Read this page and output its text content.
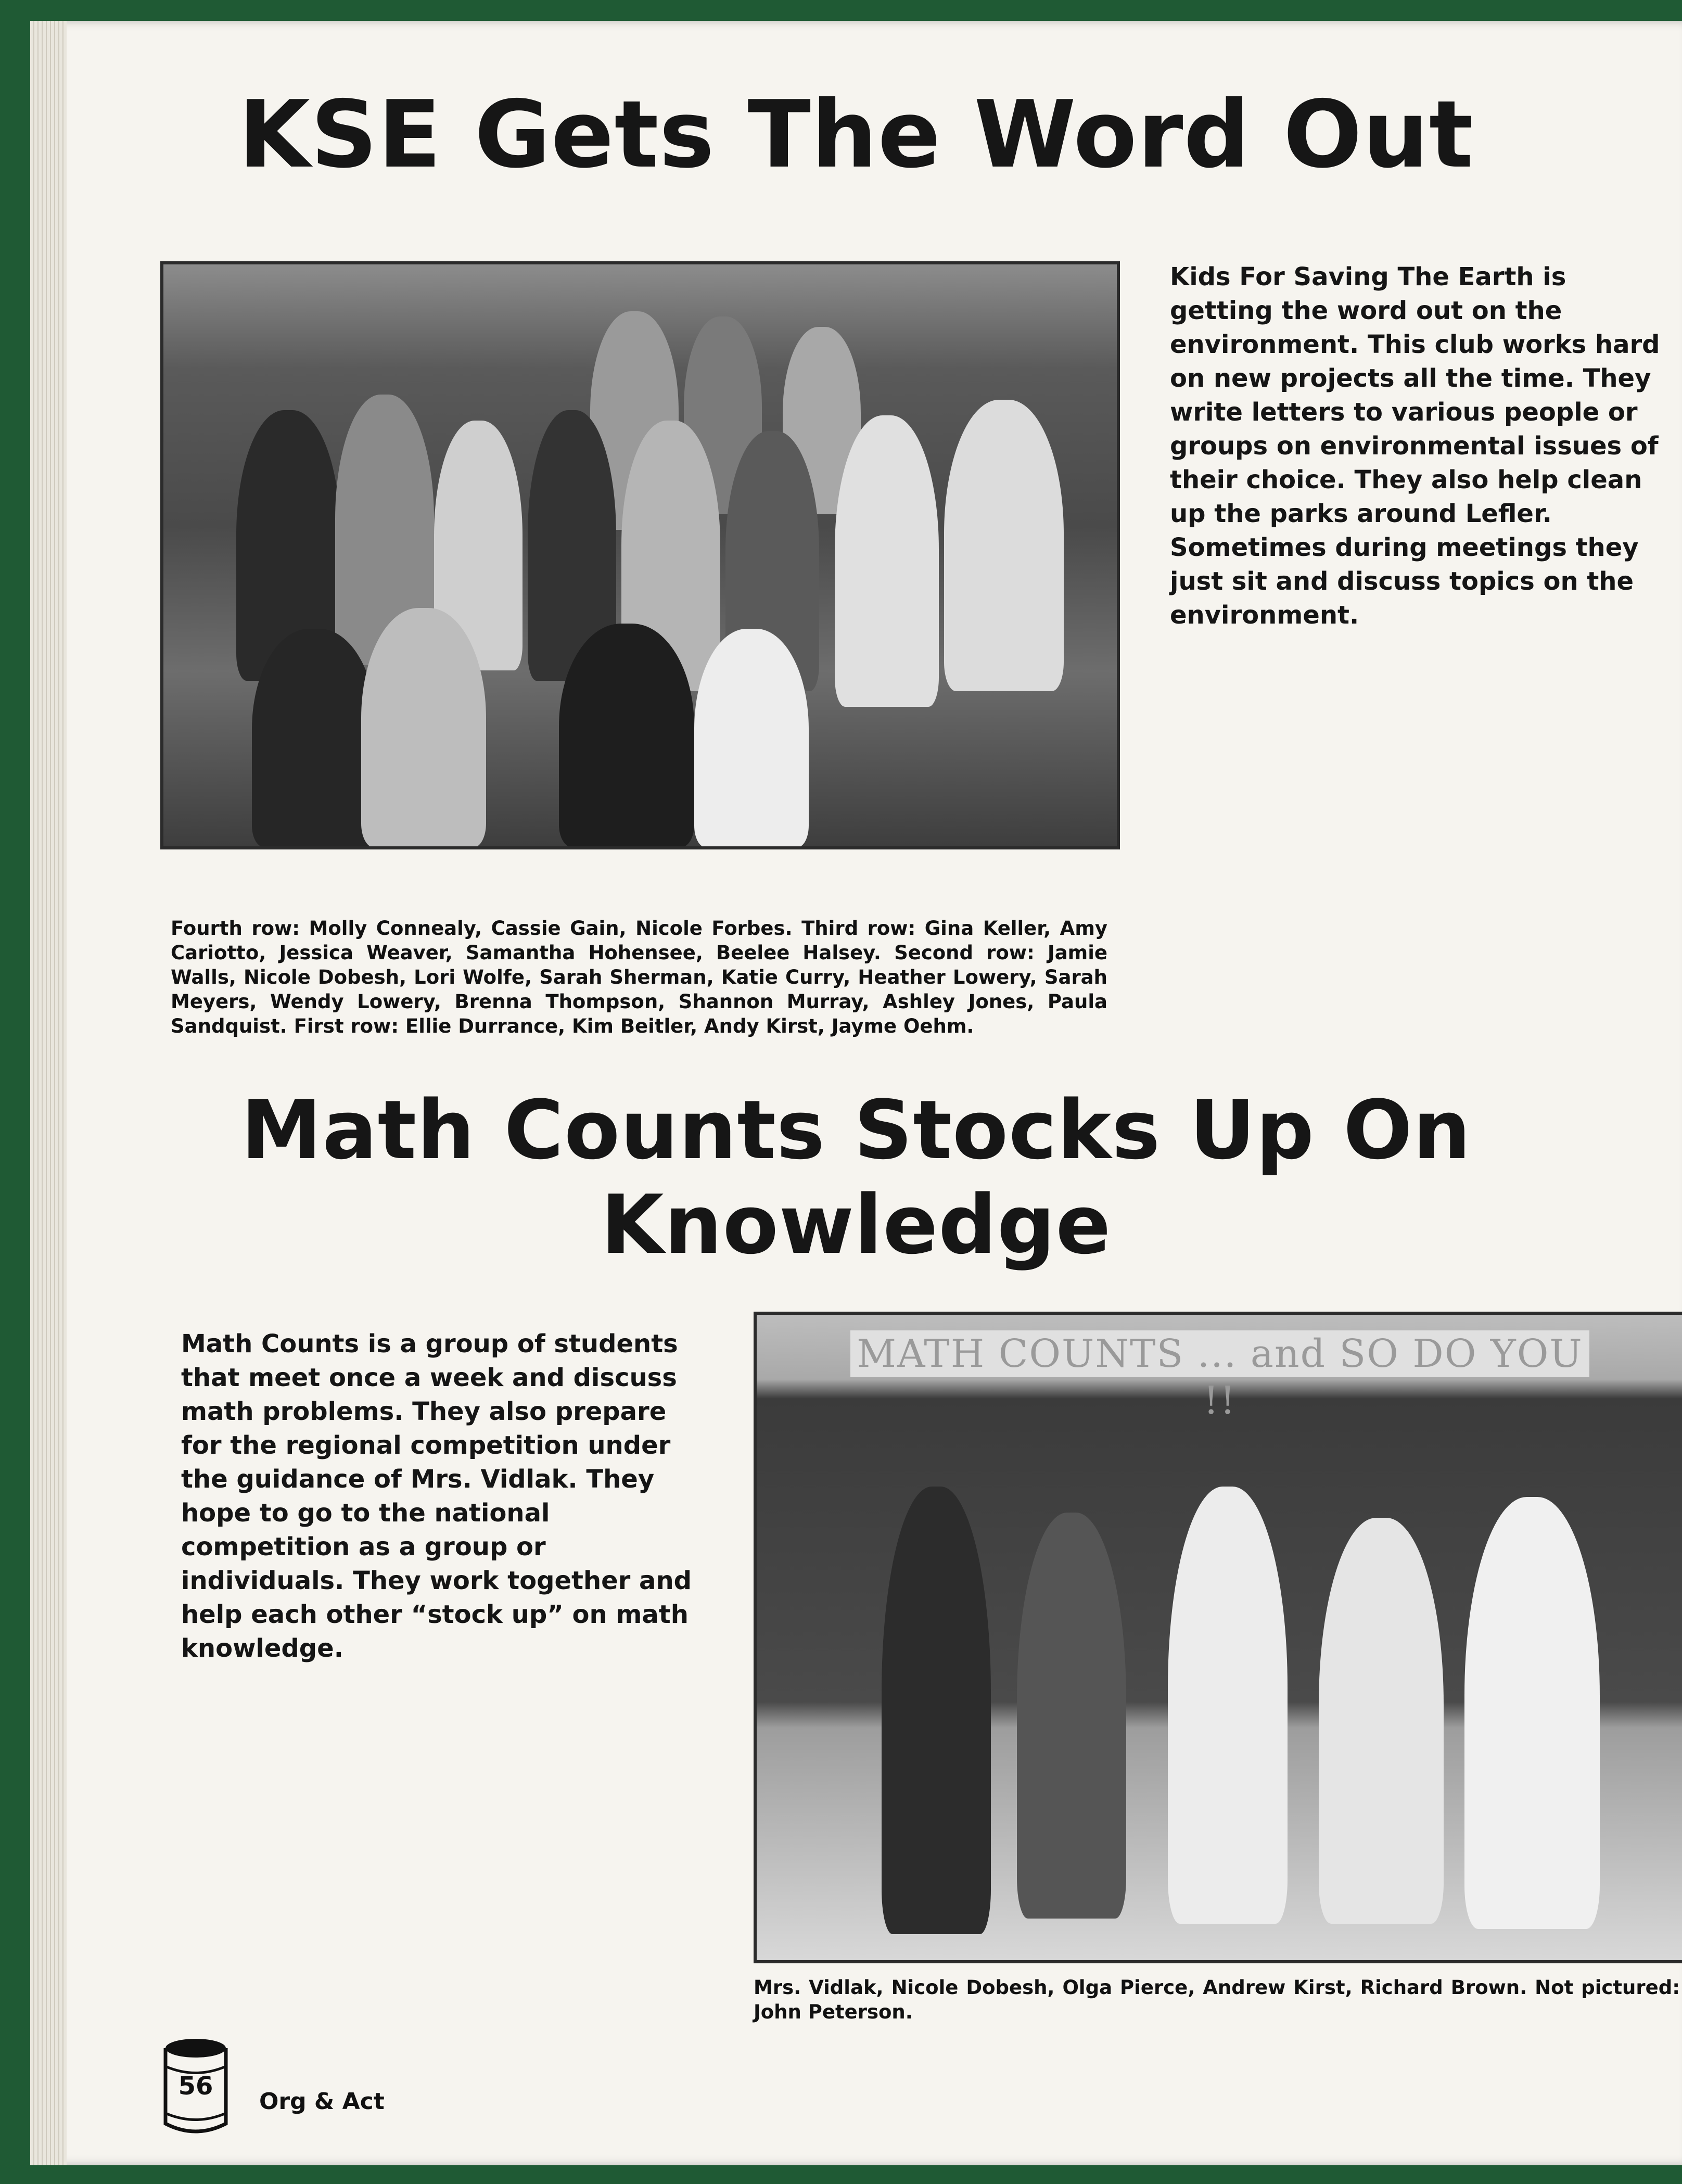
KSE Gets The Word Out
Kids For Saving The Earth is getting the word out on the environment. This club works hard on new projects all the time. They write letters to various people or groups on environmental issues of their choice. They also help clean up the parks around Lefler. Sometimes during meetings they just sit and discuss topics on the environment.
Fourth row: Molly Connealy, Cassie Gain, Nicole Forbes. Third row: Gina Keller, Amy Cariotto, Jessica Weaver, Samantha Hohensee, Beelee Halsey. Second row: Jamie Walls, Nicole Dobesh, Lori Wolfe, Sarah Sherman, Katie Curry, Heather Lowery, Sarah Meyers, Wendy Lowery, Brenna Thompson, Shannon Murray, Ashley Jones, Paula Sandquist. First row: Ellie Durrance, Kim Beitler, Andy Kirst, Jayme Oehm.
Math Counts Stocks Up On
Knowledge
Math Counts is a group of students that meet once a week and discuss math problems. They also prepare for the regional competition under the guidance of Mrs. Vidlak. They hope to go to the national competition as a group or individuals. They work together and help each other “stock up” on math knowledge.
MATH COUNTS ... and SO DO YOU !!
Mrs. Vidlak, Nicole Dobesh, Olga Pierce, Andrew Kirst, Richard Brown. Not pictured: John Peterson.
56
Org & Act
